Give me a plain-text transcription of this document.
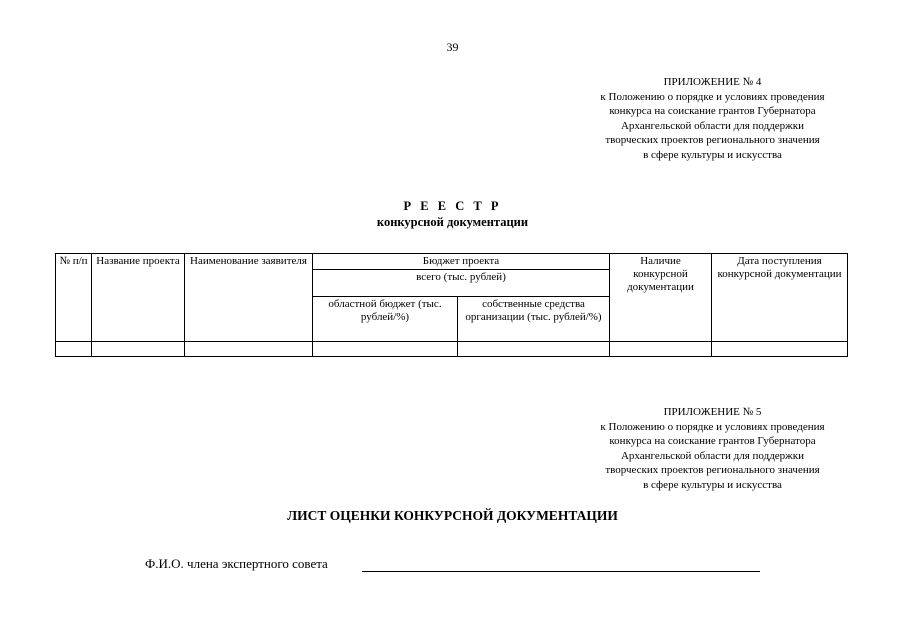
39
ПРИЛОЖЕНИЕ № 4
к Положению о порядке и условиях проведения
конкурса на соискание грантов Губернатора
Архангельской области для поддержки
творческих проектов регионального значения
в сфере культуры и искусства
Р Е Е С Т Р
конкурсной документации
№ п/п	Название проекта	Наименование заявителя	Бюджет проекта		Наличие конкурсной документации	Дата поступления конкурсной документации
			всего (тыс. рублей)			
			областной бюджет (тыс. рублей/%)	собственные средства организации (тыс. рублей/%)		

ПРИЛОЖЕНИЕ № 5
к Положению о порядке и условиях проведения
конкурса на соискание грантов Губернатора
Архангельской области для поддержки
творческих проектов регионального значения
в сфере культуры и искусства
ЛИСТ ОЦЕНКИ КОНКУРСНОЙ ДОКУМЕНТАЦИИ
Ф.И.О. члена экспертного совета
